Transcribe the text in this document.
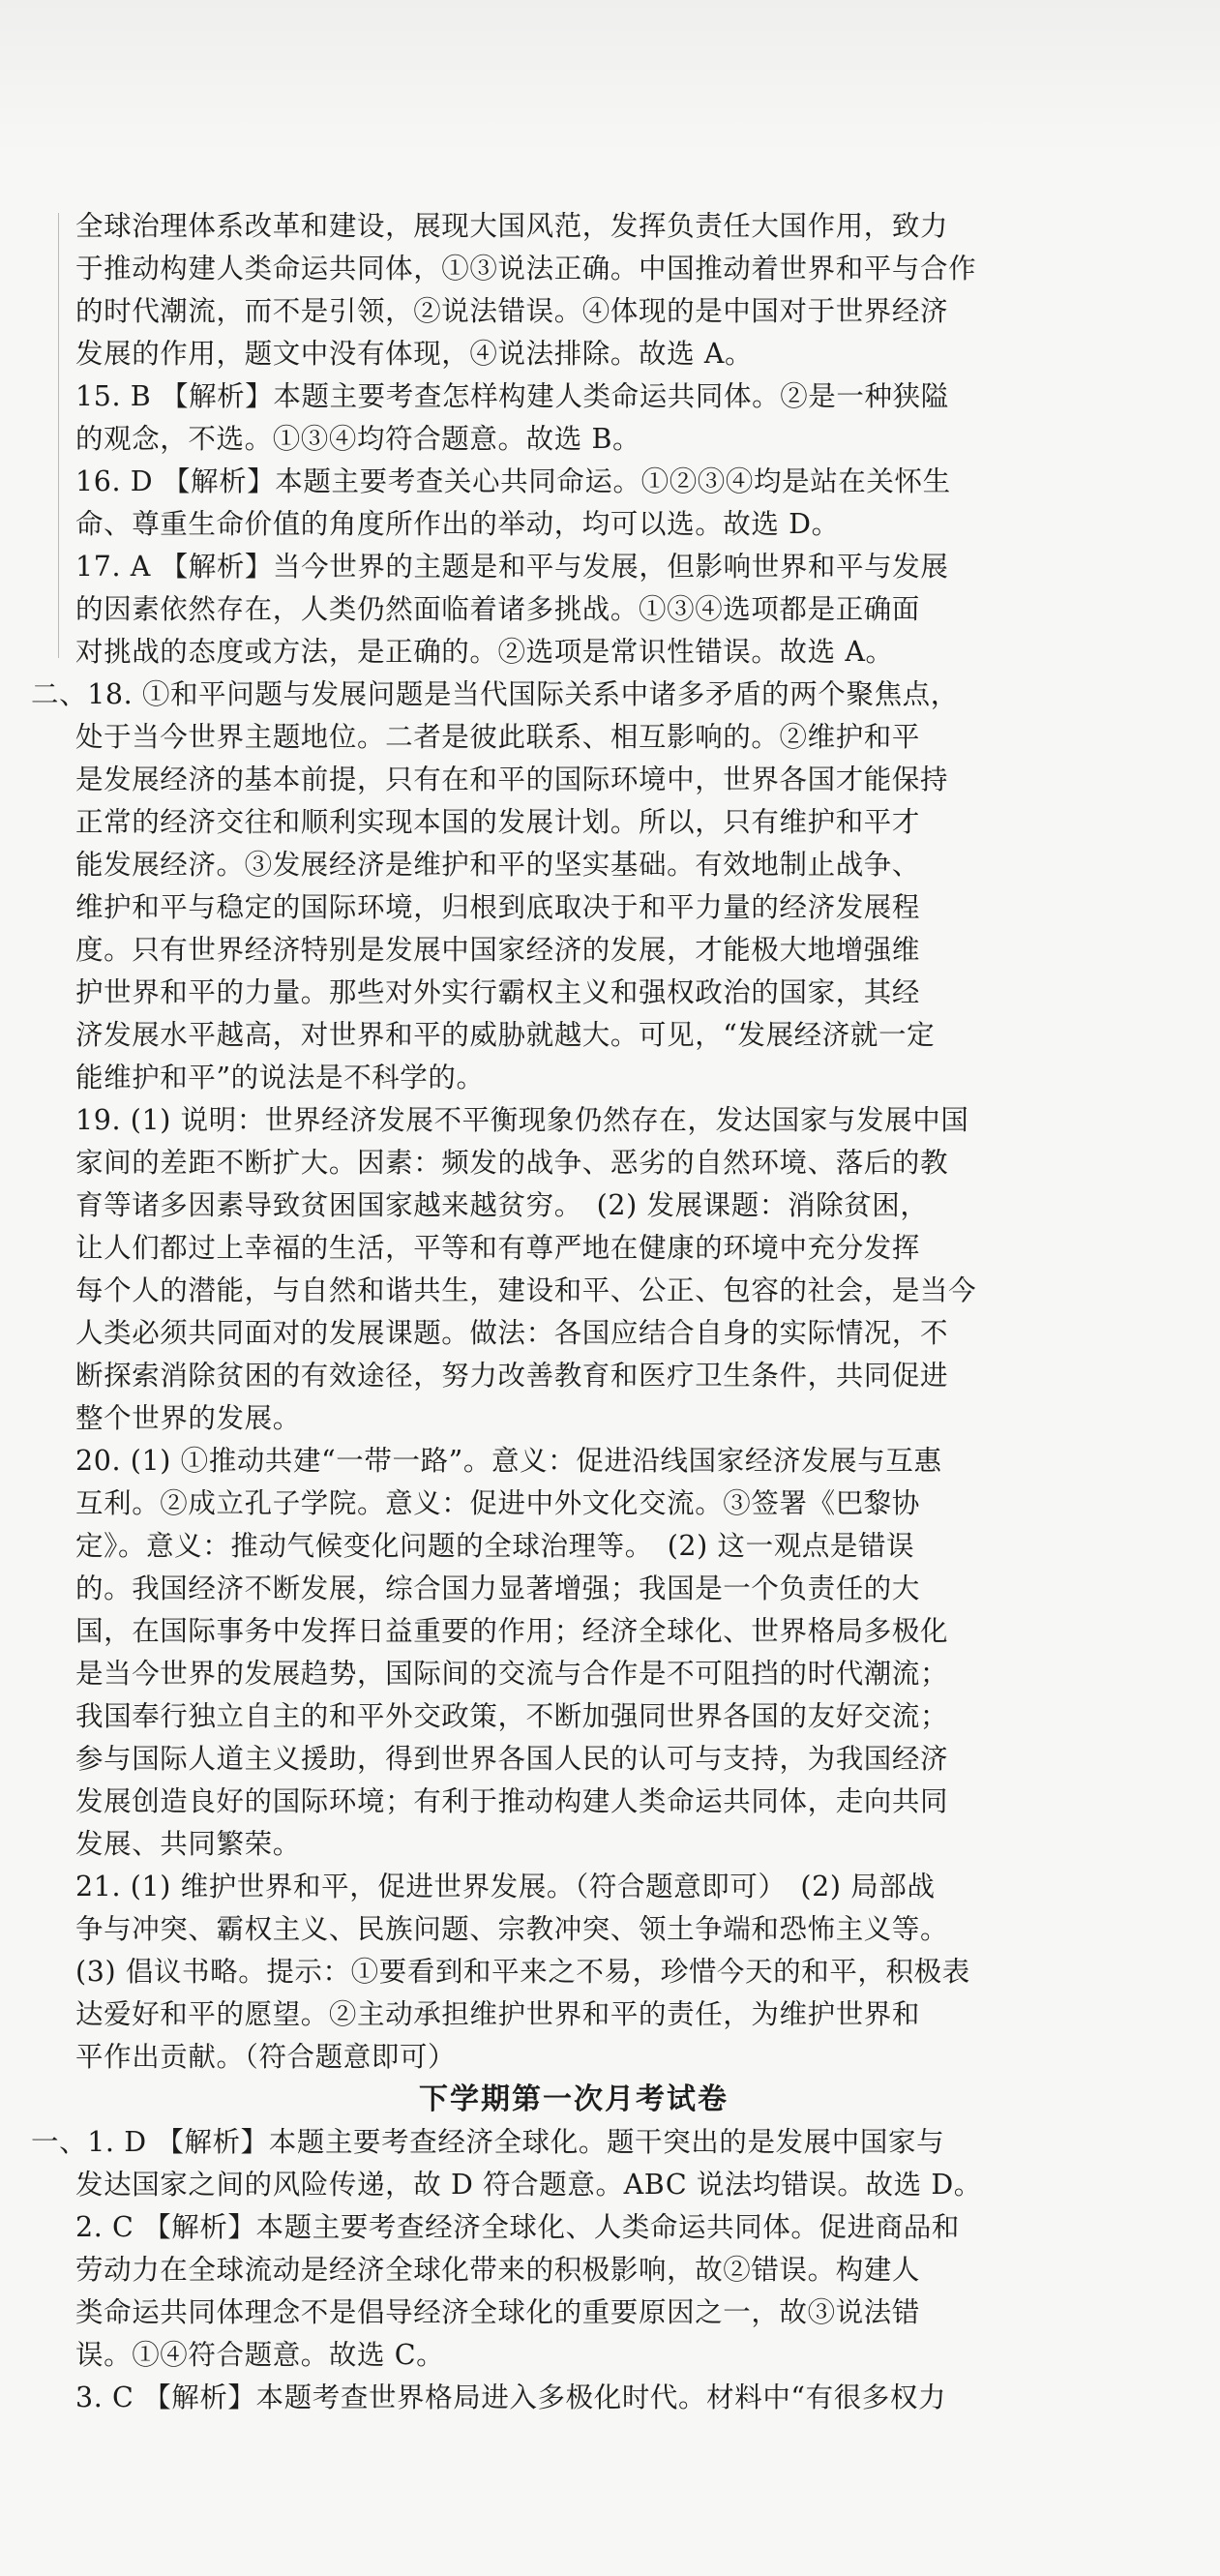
全球治理体系改革和建设，展现大国风范，发挥负责任大国作用，致力
于推动构建人类命运共同体，①③说法正确。中国推动着世界和平与合作
的时代潮流，而不是引领，②说法错误。④体现的是中国对于世界经济
发展的作用，题文中没有体现，④说法排除。故选 A。
15. B 【解析】本题主要考查怎样构建人类命运共同体。②是一种狭隘
的观念，不选。①③④均符合题意。故选 B。
16. D 【解析】本题主要考查关心共同命运。①②③④均是站在关怀生
命、尊重生命价值的角度所作出的举动，均可以选。故选 D。
17. A 【解析】当今世界的主题是和平与发展，但影响世界和平与发展
的因素依然存在，人类仍然面临着诸多挑战。①③④选项都是正确面
对挑战的态度或方法，是正确的。②选项是常识性错误。故选 A。
二、18. ①和平问题与发展问题是当代国际关系中诸多矛盾的两个聚焦点，
处于当今世界主题地位。二者是彼此联系、相互影响的。②维护和平
是发展经济的基本前提，只有在和平的国际环境中，世界各国才能保持
正常的经济交往和顺利实现本国的发展计划。所以，只有维护和平才
能发展经济。③发展经济是维护和平的坚实基础。有效地制止战争、
维护和平与稳定的国际环境，归根到底取决于和平力量的经济发展程
度。只有世界经济特别是发展中国家经济的发展，才能极大地增强维
护世界和平的力量。那些对外实行霸权主义和强权政治的国家，其经
济发展水平越高，对世界和平的威胁就越大。可见，“发展经济就一定
能维护和平”的说法是不科学的。
19. (1) 说明：世界经济发展不平衡现象仍然存在，发达国家与发展中国
家间的差距不断扩大。因素：频发的战争、恶劣的自然环境、落后的教
育等诸多因素导致贫困国家越来越贫穷。　(2) 发展课题：消除贫困，
让人们都过上幸福的生活，平等和有尊严地在健康的环境中充分发挥
每个人的潜能，与自然和谐共生，建设和平、公正、包容的社会，是当今
人类必须共同面对的发展课题。做法：各国应结合自身的实际情况，不
断探索消除贫困的有效途径，努力改善教育和医疗卫生条件，共同促进
整个世界的发展。
20. (1) ①推动共建“一带一路”。意义：促进沿线国家经济发展与互惠
互利。②成立孔子学院。意义：促进中外文化交流。③签署《巴黎协
定》。意义：推动气候变化问题的全球治理等。　(2) 这一观点是错误
的。我国经济不断发展，综合国力显著增强；我国是一个负责任的大
国，在国际事务中发挥日益重要的作用；经济全球化、世界格局多极化
是当今世界的发展趋势，国际间的交流与合作是不可阻挡的时代潮流；
我国奉行独立自主的和平外交政策，不断加强同世界各国的友好交流；
参与国际人道主义援助，得到世界各国人民的认可与支持，为我国经济
发展创造良好的国际环境；有利于推动构建人类命运共同体，走向共同
发展、共同繁荣。
21. (1) 维护世界和平，促进世界发展。（符合题意即可）　(2) 局部战
争与冲突、霸权主义、民族问题、宗教冲突、领土争端和恐怖主义等。
(3) 倡议书略。提示：①要看到和平来之不易，珍惜今天的和平，积极表
达爱好和平的愿望。②主动承担维护世界和平的责任，为维护世界和
平作出贡献。（符合题意即可）
下学期第一次月考试卷
一、1. D 【解析】本题主要考查经济全球化。题干突出的是发展中国家与
发达国家之间的风险传递，故 D 符合题意。ABC 说法均错误。故选 D。
2. C 【解析】本题主要考查经济全球化、人类命运共同体。促进商品和
劳动力在全球流动是经济全球化带来的积极影响，故②错误。构建人
类命运共同体理念不是倡导经济全球化的重要原因之一，故③说法错
误。①④符合题意。故选 C。
3. C 【解析】本题考查世界格局进入多极化时代。材料中“有很多权力
